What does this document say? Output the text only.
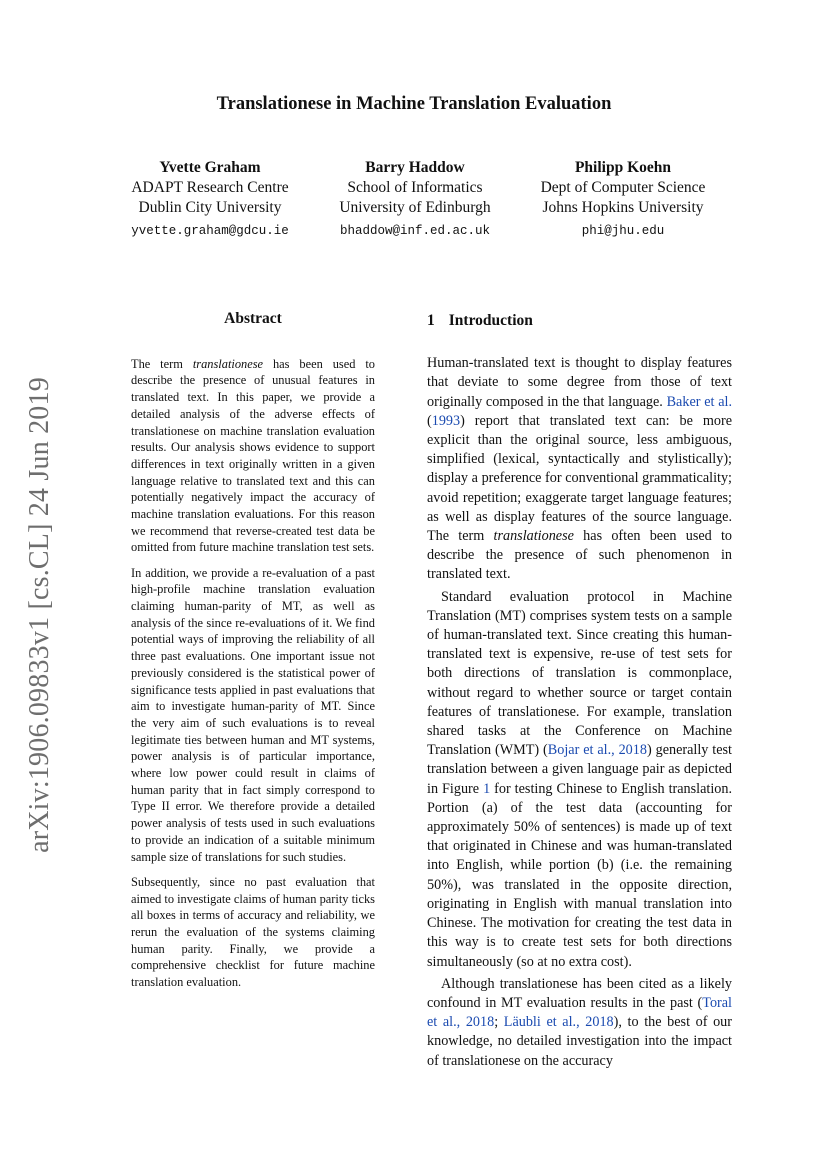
arXiv:1906.09833v1 [cs.CL] 24 Jun 2019
Translationese in Machine Translation Evaluation
Yvette Graham
ADAPT Research Centre
Dublin City University
yvette.graham@gdcu.ie
Barry Haddow
School of Informatics
University of Edinburgh
bhaddow@inf.ed.ac.uk
Philipp Koehn
Dept of Computer Science
Johns Hopkins University
phi@jhu.edu
Abstract

The term translationese has been used to describe the presence of unusual features in translated text. In this paper, we provide a detailed analysis of the adverse effects of translationese on machine translation evaluation results. Our analysis shows evidence to support differences in text originally written in a given language relative to translated text and this can potentially negatively impact the accuracy of machine translation evaluations. For this reason we recommend that reverse-created test data be omitted from future machine translation test sets.

In addition, we provide a re-evaluation of a past high-profile machine translation evaluation claiming human-parity of MT, as well as analysis of the since re-evaluations of it. We find potential ways of improving the reliability of all three past evaluations. One important issue not previously considered is the statistical power of significance tests applied in past evaluations that aim to investigate human-parity of MT. Since the very aim of such evaluations is to reveal legitimate ties between human and MT systems, power analysis is of particular importance, where low power could result in claims of human parity that in fact simply correspond to Type II error. We therefore provide a detailed power analysis of tests used in such evaluations to provide an indication of a suitable minimum sample size of translations for such studies.

Subsequently, since no past evaluation that aimed to investigate claims of human parity ticks all boxes in terms of accuracy and reliability, we rerun the evaluation of the systems claiming human parity. Finally, we provide a comprehensive checklist for future machine translation evaluation.

1 Introduction

Human-translated text is thought to display features that deviate to some degree from those of text originally composed in the that language. Baker et al. (1993) report that translated text can: be more explicit than the original source, less ambiguous, simplified (lexical, syntactically and stylistically); display a preference for conventional grammaticality; avoid repetition; exaggerate target language features; as well as display features of the source language. The term translationese has often been used to describe the presence of such phenomenon in translated text.

Standard evaluation protocol in Machine Translation (MT) comprises system tests on a sample of human-translated text. Since creating this human-translated text is expensive, re-use of test sets for both directions of translation is commonplace, without regard to whether source or target contain features of translationese. For example, translation shared tasks at the Conference on Machine Translation (WMT) (Bojar et al., 2018) generally test translation between a given language pair as depicted in Figure 1 for testing Chinese to English translation. Portion (a) of the test data (accounting for approximately 50% of sentences) is made up of text that originated in Chinese and was human-translated into English, while portion (b) (i.e. the remaining 50%), was translated in the opposite direction, originating in English with manual translation into Chinese. The motivation for creating the test data in this way is to create test sets for both directions simultaneously (so at no extra cost).

Although translationese has been cited as a likely confound in MT evaluation results in the past (Toral et al., 2018; Läubli et al., 2018), to the best of our knowledge, no detailed investigation into the impact of translationese on the accuracy
